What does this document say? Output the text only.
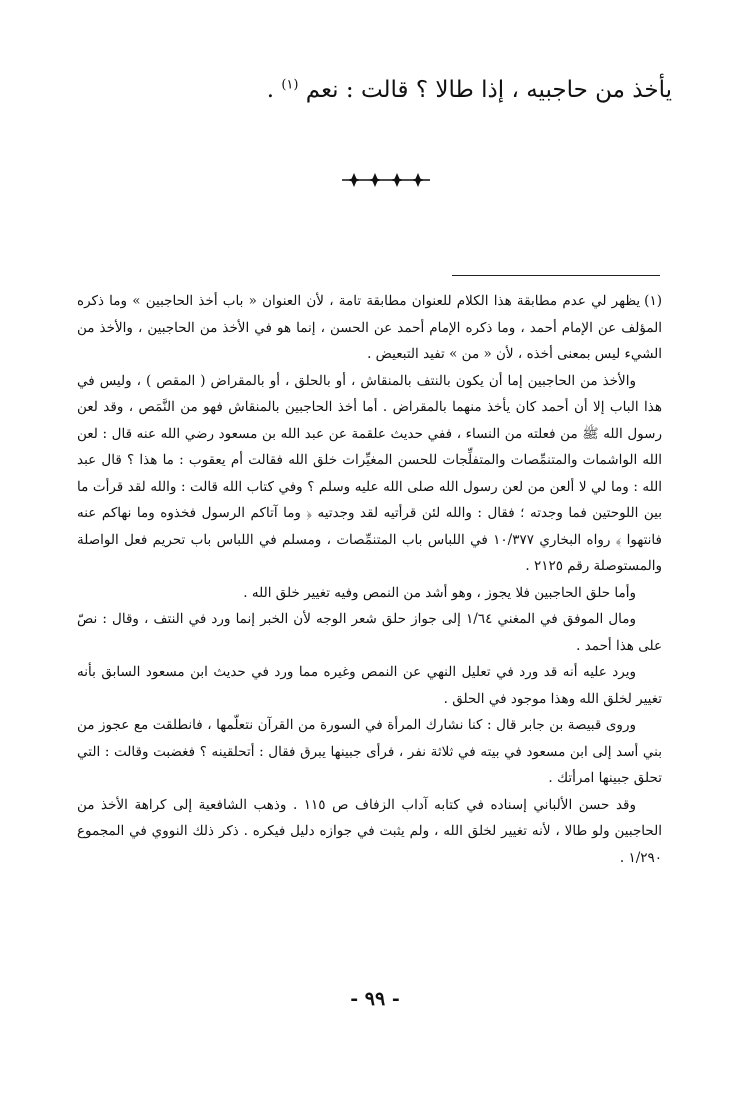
يأخذ من حاجبيه ، إذا طالا ؟ قالت : نعم $^{(١)}$ .

(١)يظهر لي عدم مطابقة هذا الكلام للعنوان مطابقة تامة ، لأن العنوان « باب أخذ الحاجبين » وما ذكره المؤلف عن الإمام أحمد ، وما ذكره الإمام أحمد عن الحسن ، إنما هو في الأخذ من الحاجبين ، والأخذ من الشيء ليس بمعنى أخذه ، لأن « من » تفيد التبعيض .

والأخذ من الحاجبين إما أن يكون بالنتف بالمنقاش ، أو بالحلق ، أو بالمقراض ( المقص ) ، وليس في هذا الباب إلا أن أحمد كان يأخذ منهما بالمقراض . أما أخذ الحاجبين بالمنقاش فهو من النَّمَص ، وقد لعن رسول الله ﷺ من فعلته من النساء ، ففي حديث علقمة عن عبد الله بن مسعود رضي الله عنه قال : لعن الله الواشمات والمتنمِّصات والمتفلِّجات للحسن المغيِّرات خلق الله فقالت أم يعقوب : ما هذا ؟ قال عبد الله : وما لي لا ألعن من لعن رسول الله صلى الله عليه وسلم ؟ وفي كتاب الله قالت : والله لقد قرأت ما بين اللوحتين فما وجدته ؛ فقال : والله لئن قرأتيه لقد وجدتيه ﴿ وما آتاكم الرسول فخذوه وما نهاكم عنه فانتهوا ﴾ رواه البخاري ١٠/٣٧٧ في اللباس باب المتنمِّصات ، ومسلم في اللباس باب تحريم فعل الواصلة والمستوصلة رقم ٢١٢٥ .

وأما حلق الحاجبين فلا يجوز ، وهو أشد من النمص وفيه تغيير خلق الله .

ومال الموفق في المغني ١/٦٤ إلى جواز حلق شعر الوجه لأن الخبر إنما ورد في النتف ، وقال : نصّ على هذا أحمد .

ويرد عليه أنه قد ورد في تعليل النهي عن النمص وغيره مما ورد في حديث ابن مسعود السابق بأنه تغيير لخلق الله وهذا موجود في الحلق .

وروى قبيصة بن جابر قال : كنا نشارك المرأة في السورة من القرآن نتعلّمها ، فانطلقت مع عجوز من بني أسد إلى ابن مسعود في بيته في ثلاثة نفر ، فرأى جبينها يبرق فقال : أتحلقينه ؟ فغضبت وقالت : التي تحلق جبينها امرأتك .

وقد حسن الألباني إسناده في كتابه آداب الزفاف ص ١١٥ . وذهب الشافعية إلى كراهة الأخذ من الحاجبين ولو طالا ، لأنه تغيير لخلق الله ، ولم يثبت في جوازه دليل فيكره . ذكر ذلك النووي في المجموع ١/٢٩٠ .

- ٩٩ -
